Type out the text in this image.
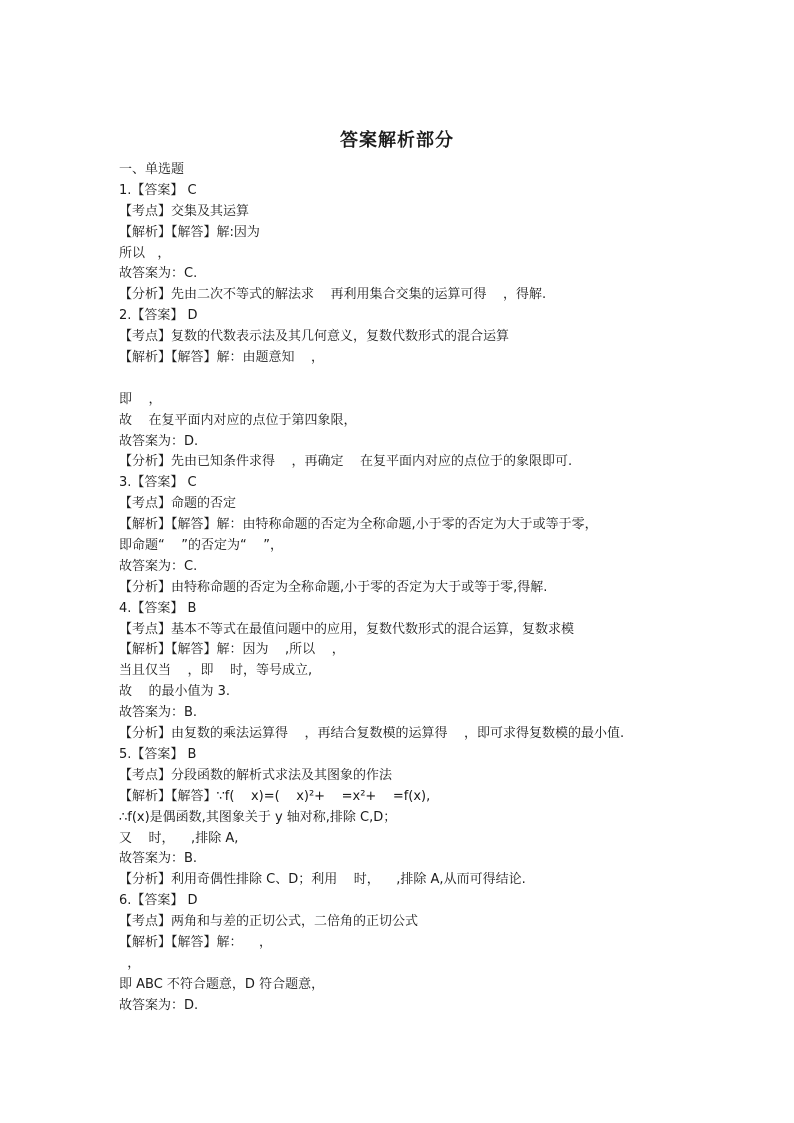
答案解析部分
一、单选题
1.【答案】 C
【考点】交集及其运算
【解析】【解答】解:因为
所以   ，
故答案为：C.
【分析】先由二次不等式的解法求    再利用集合交集的运算可得    ，得解.
2.【答案】 D
【考点】复数的代数表示法及其几何意义，复数代数形式的混合运算
【解析】【解答】解：由题意知    ，
即    ，
故    在复平面内对应的点位于第四象限，
故答案为：D.
【分析】先由已知条件求得    ，再确定    在复平面内对应的点位于的象限即可.
3.【答案】 C
【考点】命题的否定
【解析】【解答】解：由特称命题的否定为全称命题,小于零的否定为大于或等于零，
即命题“    ”的否定为“    ”，
故答案为：C.
【分析】由特称命题的否定为全称命题,小于零的否定为大于或等于零,得解.
4.【答案】 B
【考点】基本不等式在最值问题中的应用，复数代数形式的混合运算，复数求模
【解析】【解答】解：因为    ,所以    ，
当且仅当    ，即    时，等号成立,
故    的最小值为 3.
故答案为：B.
【分析】由复数的乘法运算得    ，再结合复数模的运算得    ，即可求得复数模的最小值.
5.【答案】 B
【考点】分段函数的解析式求法及其图象的作法
【解析】【解答】∵f(    x)=(    x)²+    =x²+    =f(x),
∴f(x)是偶函数,其图象关于 y 轴对称,排除 C,D；
又    时，    ,排除 A,
故答案为：B.
【分析】利用奇偶性排除 C、D；利用    时，    ,排除 A,从而可得结论.
6.【答案】 D
【考点】两角和与差的正切公式，二倍角的正切公式
【解析】【解答】解：    ，
，
即 ABC 不符合题意，D 符合题意，
故答案为：D.
